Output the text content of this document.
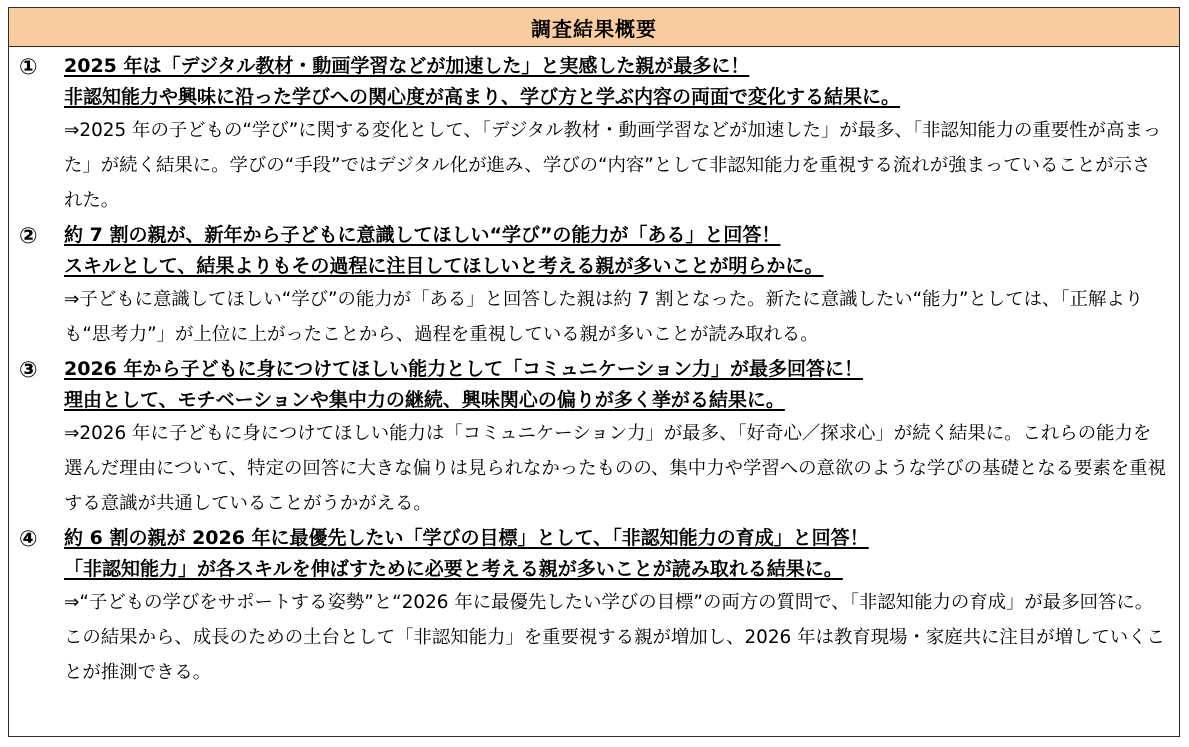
調査結果概要
① 2025 年は「デジタル教材・動画学習などが加速した」と実感した親が最多に！
非認知能力や興味に沿った学びへの関心度が高まり、学び方と学ぶ内容の両面で変化する結果に。
⇒2025 年の子どもの“学び”に関する変化として、「デジタル教材・動画学習などが加速した」が最多、「非認知能力の重要性が高まった」が続く結果に。学びの“手段”ではデジタル化が進み、学びの“内容”として非認知能力を重視する流れが強まっていることが示された。
② 約 7 割の親が、新年から子どもに意識してほしい“学び”の能力が「ある」と回答！
スキルとして、結果よりもその過程に注目してほしいと考える親が多いことが明らかに。
⇒子どもに意識してほしい“学び”の能力が「ある」と回答した親は約 7 割となった。新たに意識したい“能力”としては、「正解よりも“思考力”」が上位に上がったことから、過程を重視している親が多いことが読み取れる。
③ 2026 年から子どもに身につけてほしい能力として「コミュニケーション力」が最多回答に！
理由として、モチベーションや集中力の継続、興味関心の偏りが多く挙がる結果に。
⇒2026 年に子どもに身につけてほしい能力は「コミュニケーション力」が最多、「好奇心／探求心」が続く結果に。これらの能力を選んだ理由について、特定の回答に大きな偏りは見られなかったものの、集中力や学習への意欲のような学びの基礎となる要素を重視する意識が共通していることがうかがえる。
④ 約 6 割の親が 2026 年に最優先したい「学びの目標」として、「非認知能力の育成」と回答！
「非認知能力」が各スキルを伸ばすために必要と考える親が多いことが読み取れる結果に。
⇒“子どもの学びをサポートする姿勢”と“2026 年に最優先したい学びの目標”の両方の質問で、「非認知能力の育成」が最多回答に。この結果から、成長のための土台として「非認知能力」を重要視する親が増加し、2026 年は教育現場・家庭共に注目が増していくことが推測できる。
